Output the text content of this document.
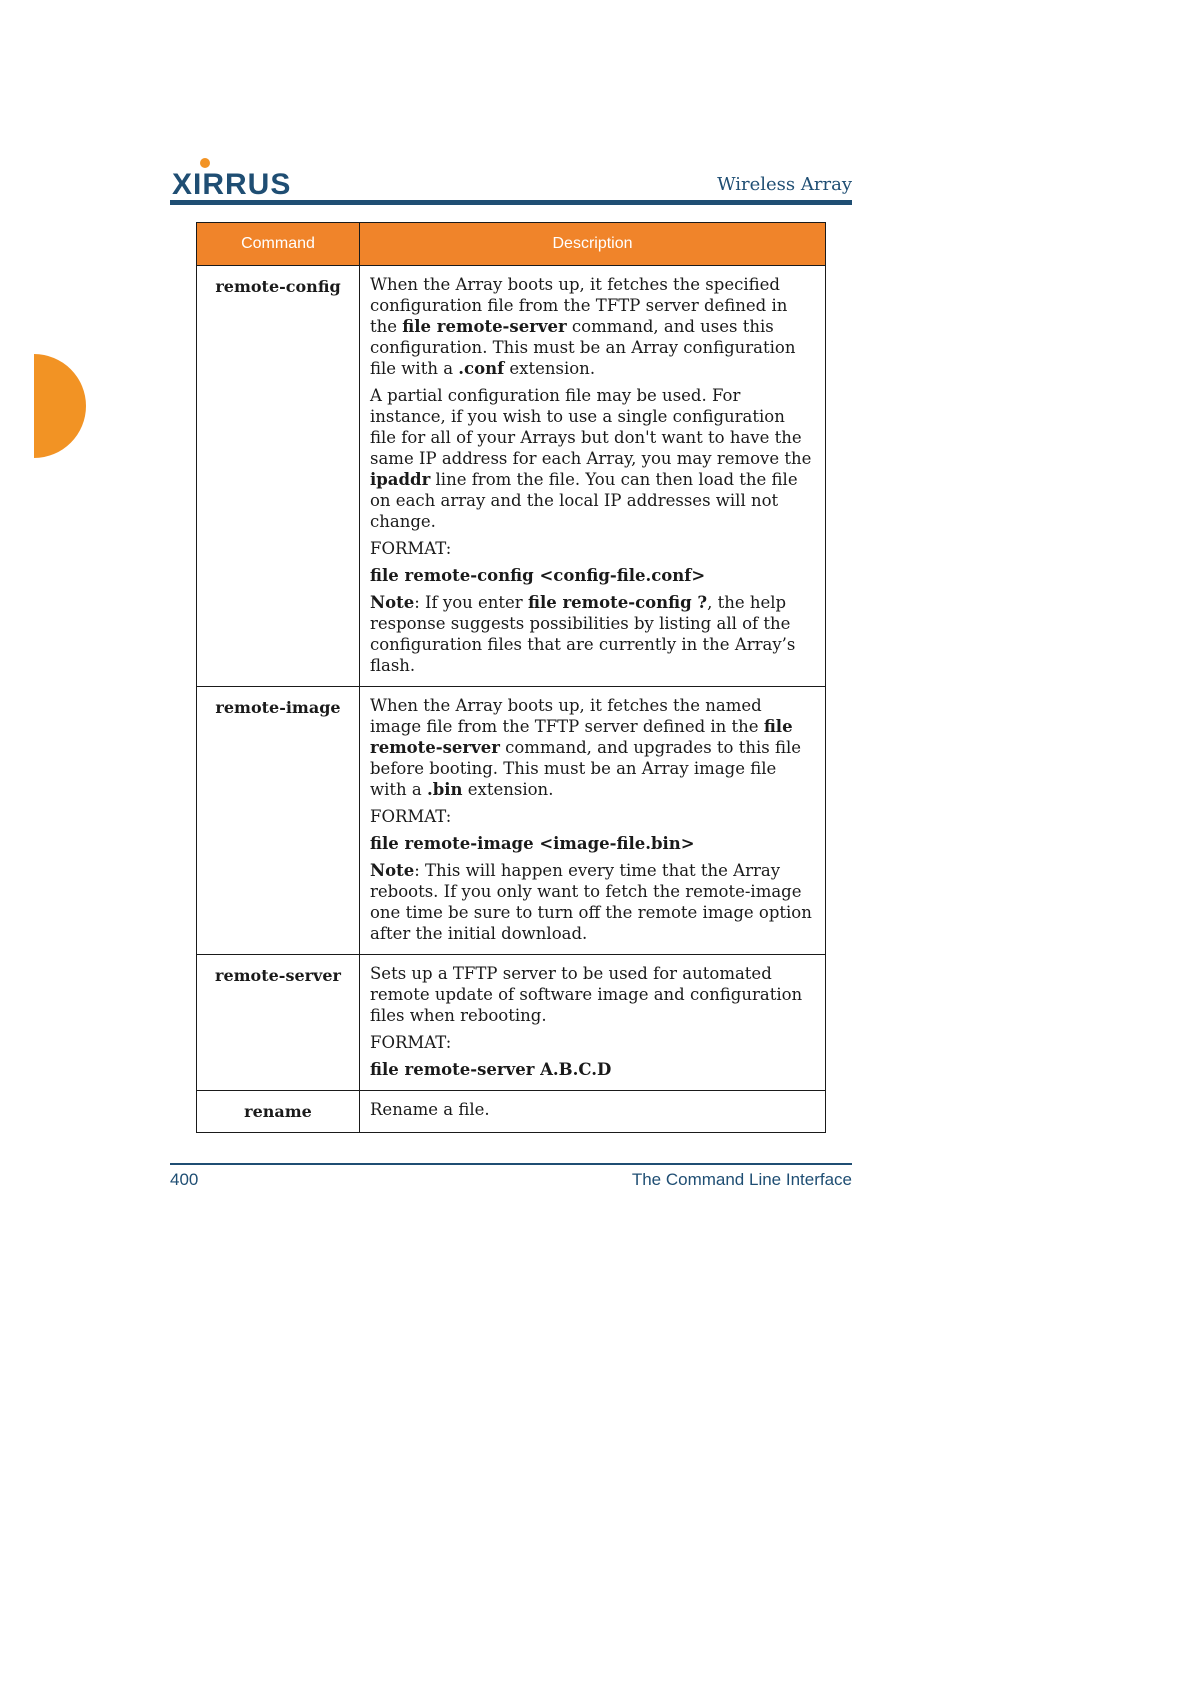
XIRRUS	Wireless Array
Command	Description
remote-config	When the Array boots up, it fetches the specified configuration file from the TFTP server defined in the file remote-server command, and uses this configuration. This must be an Array configuration file with a .conf extension.

A partial configuration file may be used. For instance, if you wish to use a single configuration file for all of your Arrays but don't want to have the same IP address for each Array, you may remove the ipaddr line from the file. You can then load the file on each array and the local IP addresses will not change.

FORMAT:

file remote-config <config-file.conf>

Note: If you enter file remote-config ?, the help response suggests possibilities by listing all of the configuration files that are currently in the Array’s flash.

remote-image	When the Array boots up, it fetches the named image file from the TFTP server defined in the file remote-server command, and upgrades to this file before booting. This must be an Array image file with a .bin extension.

FORMAT:

file remote-image <image-file.bin>

Note: This will happen every time that the Array reboots. If you only want to fetch the remote-image one time be sure to turn off the remote image option after the initial download.

remote-server	Sets up a TFTP server to be used for automated remote update of software image and configuration files when rebooting.

FORMAT:

file remote-server A.B.C.D

rename	Rename a file.

400	The Command Line Interface
